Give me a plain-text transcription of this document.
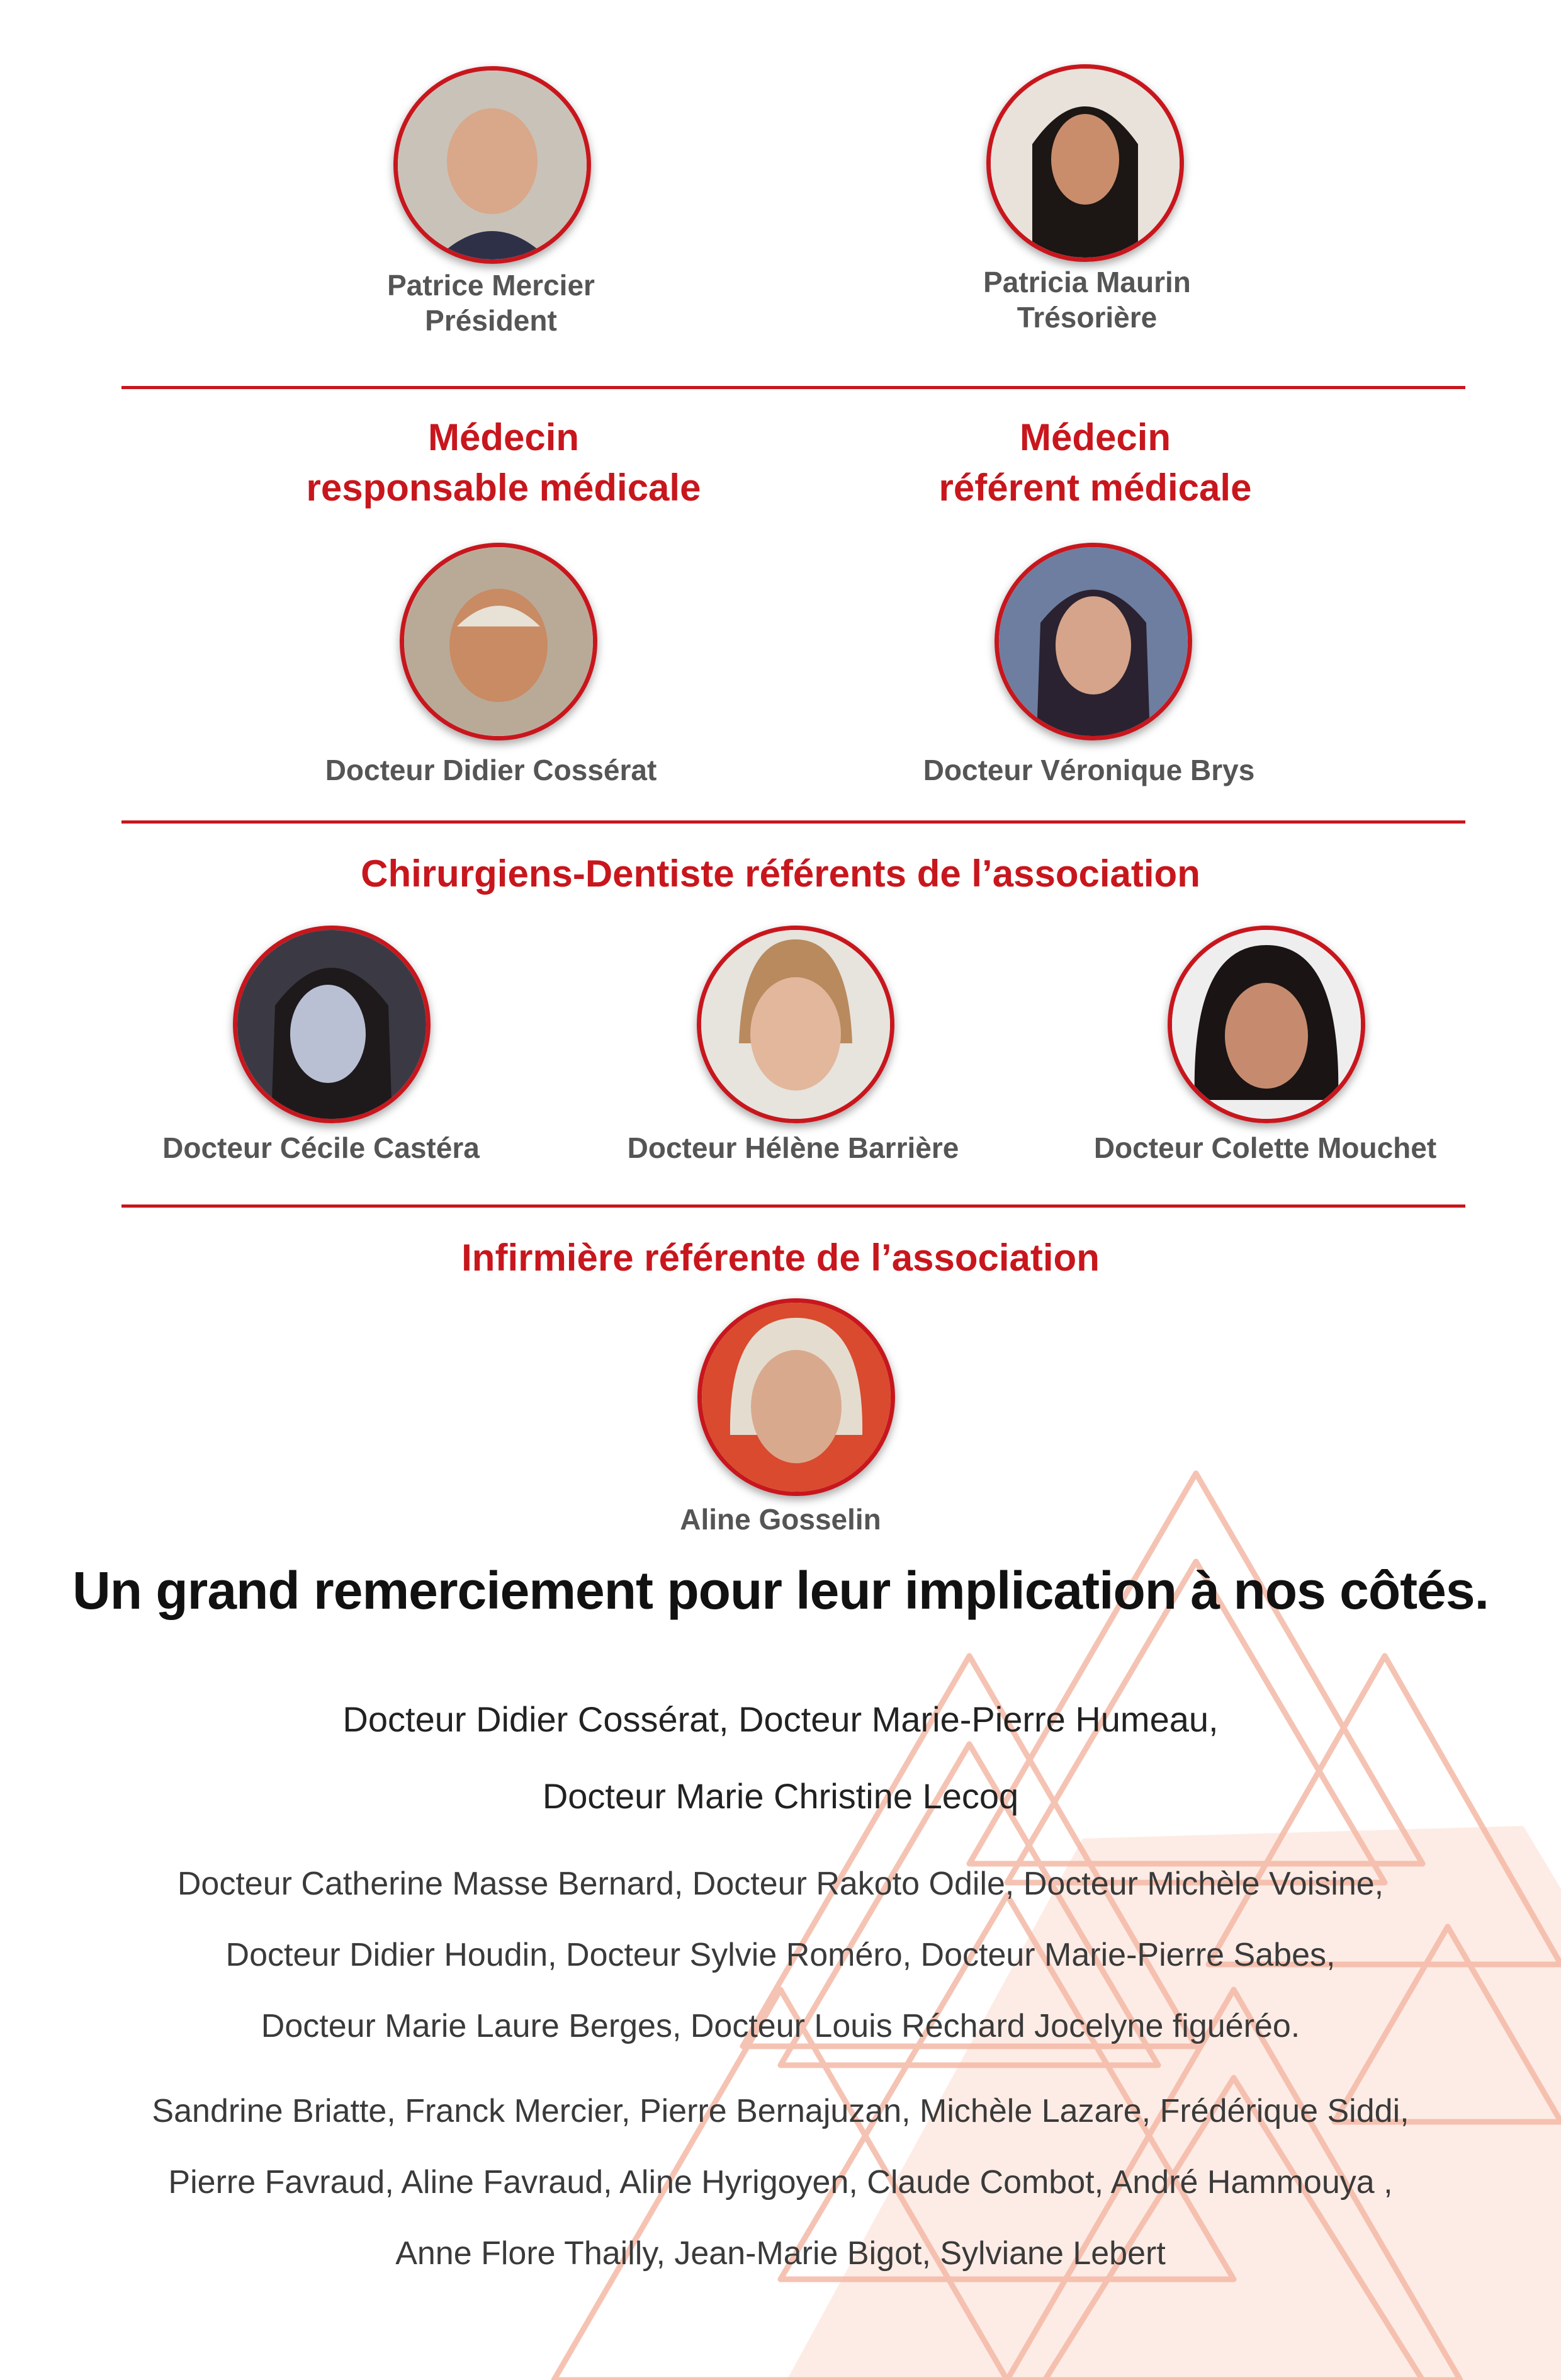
Patrice Mercier
Président
Patricia Maurin
Trésorière
Médecin
responsable médicale
Médecin
référent médicale
Docteur Didier Cossérat	Docteur Véronique Brys
Chirurgiens-Dentiste référents de l’association
Docteur Cécile Castéra	Docteur Hélène Barrière	Docteur Colette Mouchet
Infirmière référente de l’association
Aline Gosselin
Un grand remerciement pour leur implication à nos côtés.
Docteur Didier Cossérat, Docteur Marie-Pierre Humeau,
Docteur Marie Christine Lecoq
Docteur Catherine Masse Bernard, Docteur Rakoto Odile, Docteur Michèle Voisine,
Docteur Didier Houdin, Docteur Sylvie Roméro, Docteur Marie-Pierre Sabes,
Docteur Marie Laure Berges, Docteur Louis Réchard Jocelyne figuéréo.
Sandrine Briatte, Franck Mercier, Pierre Bernajuzan, Michèle Lazare, Frédérique Siddi,
Pierre Favraud, Aline Favraud, Aline Hyrigoyen, Claude Combot, André Hammouya ,
Anne Flore Thailly, Jean-Marie Bigot, Sylviane Lebert
